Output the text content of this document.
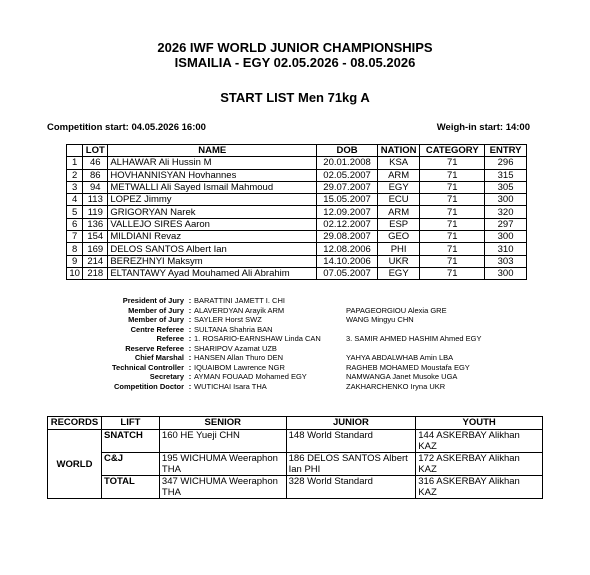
2026 IWF WORLD JUNIOR CHAMPIONSHIPS
ISMAILIA - EGY 02.05.2026 - 08.05.2026
START LIST Men 71kg A
Competition start: 04.05.2026 16:00	Weigh-in start: 14:00
	LOT	NAME	DOB	NATION	CATEGORY	ENTRY
1	46	ALHAWAR Ali Hussin M	20.01.2008	KSA	71	296
2	86	HOVHANNISYAN Hovhannes	02.05.2007	ARM	71	315
3	94	METWALLI Ali Sayed Ismail Mahmoud	29.07.2007	EGY	71	305
4	113	LOPEZ Jimmy	15.05.2007	ECU	71	300
5	119	GRIGORYAN Narek	12.09.2007	ARM	71	320
6	136	VALLEJO SIRES Aaron	02.12.2007	ESP	71	297
7	154	MILDIANI Revaz	29.08.2007	GEO	71	300
8	169	DELOS SANTOS Albert Ian	12.08.2006	PHI	71	310
9	214	BEREZHNYI Maksym	14.10.2006	UKR	71	303
10	218	ELTANTAWY Ayad Mouhamed Ali Abrahim	07.05.2007	EGY	71	300
President of Jury : BARATTINI JAMETT I. CHI
Member of Jury : ALAVERDYAN Arayik ARM	PAPAGEORGIOU Alexia GRE
Member of Jury : SAYLER Horst SWZ	WANG Mingyu CHN
Centre Referee : SULTANA Shahria BAN
Referee : 1. ROSARIO-EARNSHAW Linda CAN	3. SAMIR AHMED HASHIM Ahmed EGY
Reserve Referee : SHARIPOV Azamat UZB
Chief Marshal : HANSEN Allan Thuro DEN	YAHYA ABDALWHAB Amin LBA
Technical Controller : IQUAIBOM Lawrence NGR	RAGHEB MOHAMED Moustafa EGY
Secretary : AYMAN FOUAAD Mohamed EGY	NAMWANGA Janet Musoke UGA
Competition Doctor : WUTICHAI Isara THA	ZAKHARCHENKO Iryna UKR
RECORDS	LIFT	SENIOR	JUNIOR	YOUTH
WORLD	SNATCH	160 HE Yueji CHN	148 World Standard	144 ASKERBAY Alikhan KAZ
	C&J	195 WICHUMA Weeraphon THA	186 DELOS SANTOS Albert Ian PHI	172 ASKERBAY Alikhan KAZ
	TOTAL	347 WICHUMA Weeraphon THA	328 World Standard	316 ASKERBAY Alikhan KAZ
